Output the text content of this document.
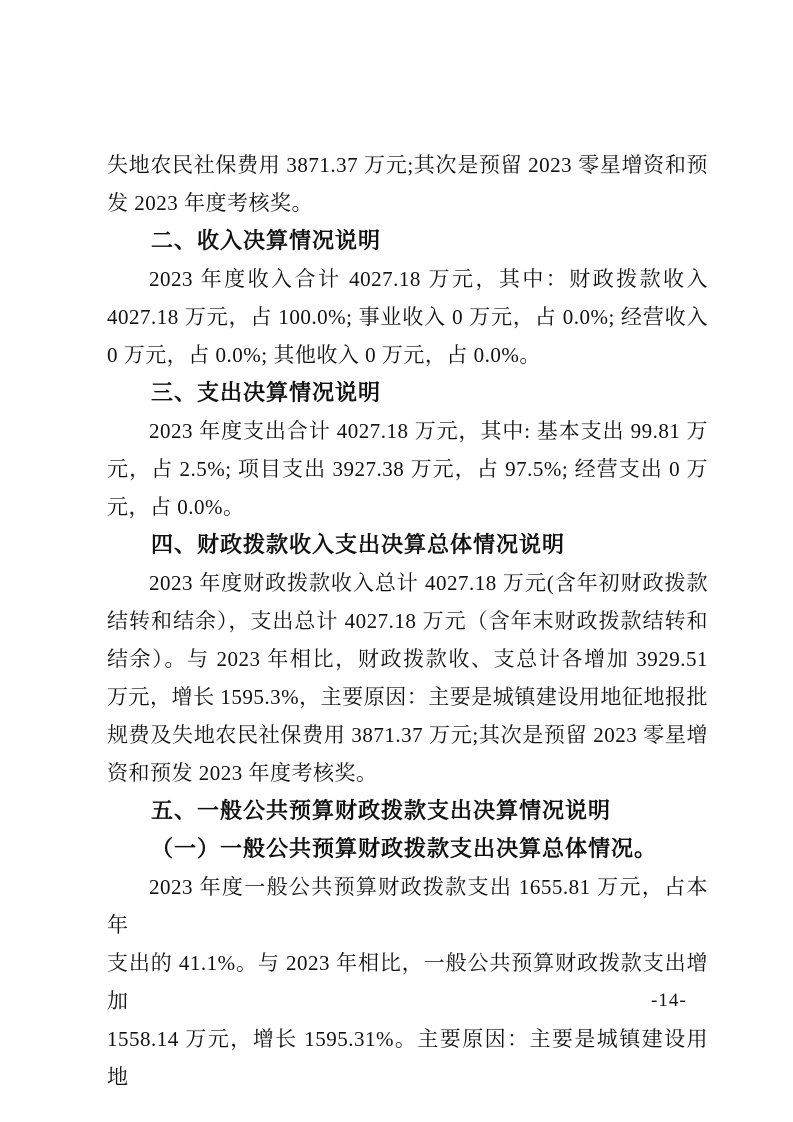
失地农民社保费用 3871.37 万元;其次是预留 2023 零星增资和预
发 2023 年度考核奖。

二、收入决算情况说明

2023 年度收入合计 4027.18 万元，其中：财政拨款收入
4027.18 万元，占 100.0%; 事业收入 0 万元，占 0.0%; 经营收入
0 万元，占 0.0%; 其他收入 0 万元，占 0.0%。

三、支出决算情况说明

2023 年度支出合计 4027.18 万元，其中: 基本支出 99.81 万
元，占 2.5%; 项目支出 3927.38 万元，占 97.5%; 经营支出 0 万
元，占 0.0%。

四、财政拨款收入支出决算总体情况说明

2023 年度财政拨款收入总计 4027.18 万元(含年初财政拨款
结转和结余），支出总计 4027.18 万元（含年末财政拨款结转和
结余）。与 2023 年相比，财政拨款收、支总计各增加 3929.51
万元，增长 1595.3%，主要原因：主要是城镇建设用地征地报批
规费及失地农民社保费用 3871.37 万元;其次是预留 2023 零星增
资和预发 2023 年度考核奖。

五、一般公共预算财政拨款支出决算情况说明
（一）一般公共预算财政拨款支出决算总体情况。

2023 年度一般公共预算财政拨款支出 1655.81 万元，占本年
支出的 41.1%。与 2023 年相比，一般公共预算财政拨款支出增加
1558.14 万元，增长 1595.31%。主要原因：主要是城镇建设用地

-14-
